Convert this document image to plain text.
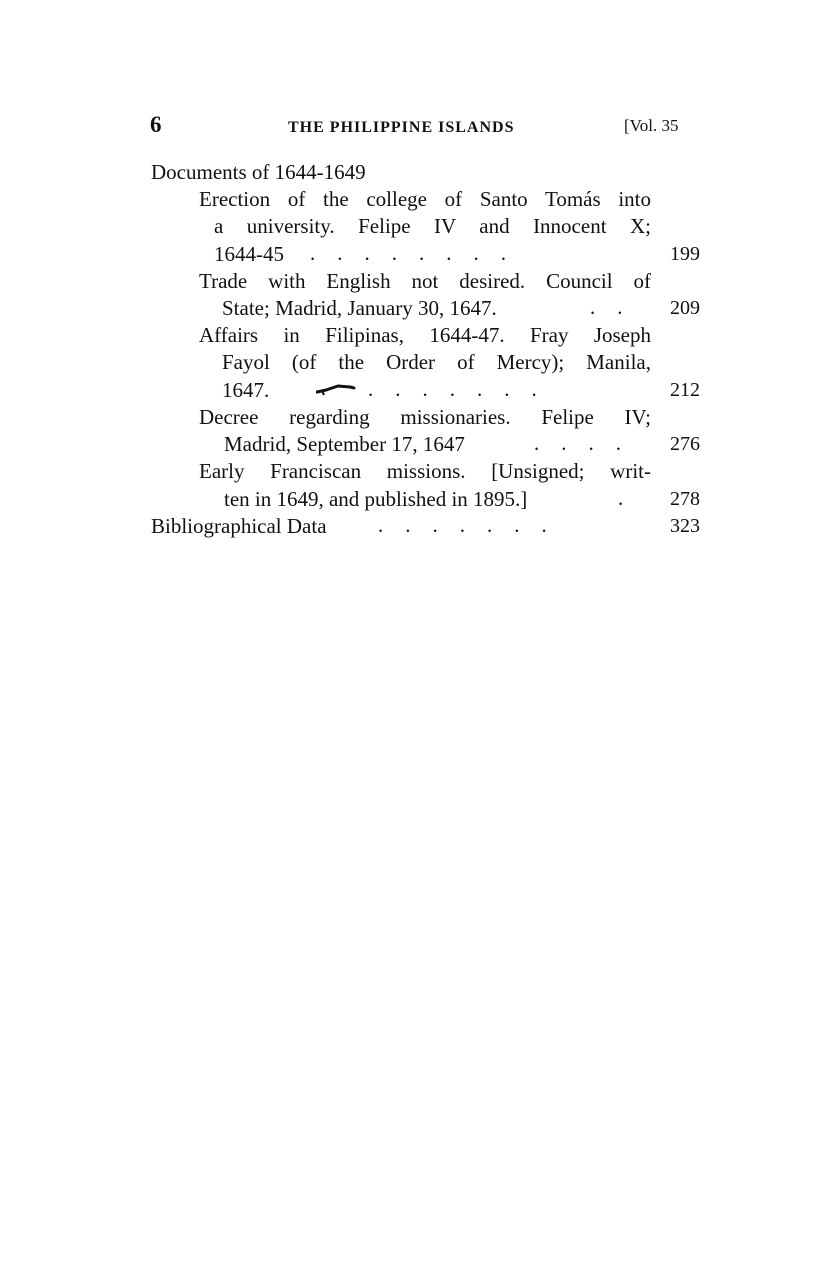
6	THE PHILIPPINE ISLANDS	[Vol. 35
Documents of 1644-1649
Erection of the college of Santo Tomás into
a university. Felipe IV and Innocent X;
1644-45 ........	199
Trade with English not desired. Council of
State; Madrid, January 30, 1647.	..	209
Affairs in Filipinas, 1644-47. Fray Joseph
Fayol (of the Order of Mercy); Manila,
1647.	.......	212
Decree regarding missionaries. Felipe IV;
Madrid, September 17, 1647	....	276
Early Franciscan missions. [Unsigned; writ-
ten in 1649, and published in 1895.]	.	278
Bibliographical Data .......	323
